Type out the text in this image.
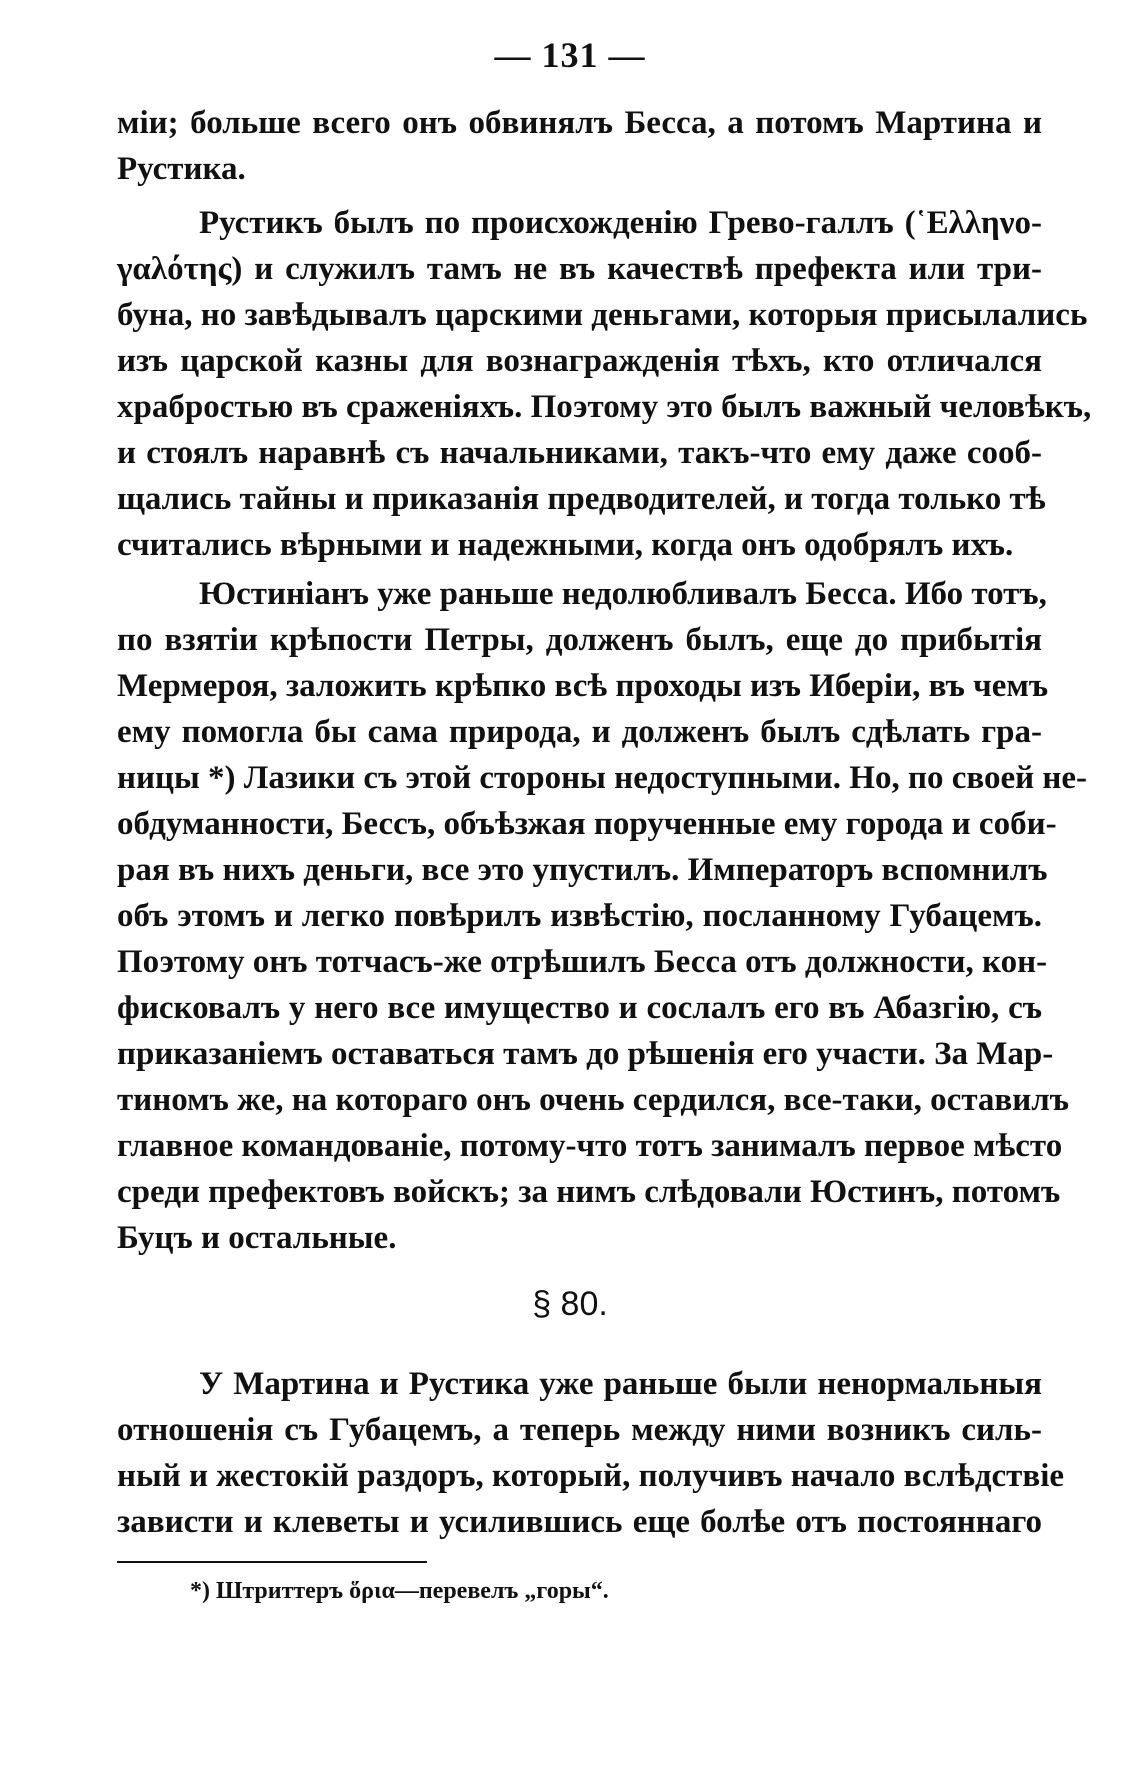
— 131 —
міи; больше всего онъ обвинялъ Бесса, а потомъ Мартина и
Рустика.
Рустикъ былъ по происхожденію Грево-галлъ (῾Ελληνο-
γαλότης) и служилъ тамъ не въ качествѣ префекта или три-
буна, но завѣдывалъ царскими деньгами, которыя присылались
изъ царской казны для вознагражденія тѣхъ, кто отличался
храбростью въ сраженіяхъ. Поэтому это былъ важный человѣкъ,
и стоялъ наравнѣ съ начальниками, такъ-что ему даже сооб-
щались тайны и приказанія предводителей, и тогда только тѣ
считались вѣрными и надежными, когда онъ одобрялъ ихъ.
Юстиніанъ уже раньше недолюбливалъ Бесса. Ибо тотъ,
по взятіи крѣпости Петры, долженъ былъ, еще до прибытія
Мермероя, заложить крѣпко всѣ проходы изъ Иберіи, въ чемъ
ему помогла бы сама природа, и долженъ былъ сдѣлать гра-
ницы *) Лазики съ этой стороны недоступными. Но, по своей не-
обдуманности, Бессъ, объѣзжая порученные ему города и соби-
рая въ нихъ деньги, все это упустилъ. Императоръ вспомнилъ
объ этомъ и легко повѣрилъ извѣстію, посланному Губацемъ.
Поэтому онъ тотчасъ-же отрѣшилъ Бесса отъ должности, кон-
фисковалъ у него все имущество и сослалъ его въ Абазгію, съ
приказаніемъ оставаться тамъ до рѣшенія его участи. За Мар-
тиномъ же, на котораго онъ очень сердился, все-таки, оставилъ
главное командованіе, потому-что тотъ занималъ первое мѣсто
среди префектовъ войскъ; за нимъ слѣдовали Юстинъ, потомъ
Буцъ и остальные.
§ 80.
У Мартина и Рустика уже раньше были ненормальныя
отношенія съ Губацемъ, а теперь между ними возникъ силь-
ный и жестокій раздоръ, который, получивъ начало вслѣдствіе
зависти и клеветы и усилившись еще болѣе отъ постояннаго
*) Штриттеръ ὅρια—перевелъ „горы“.
